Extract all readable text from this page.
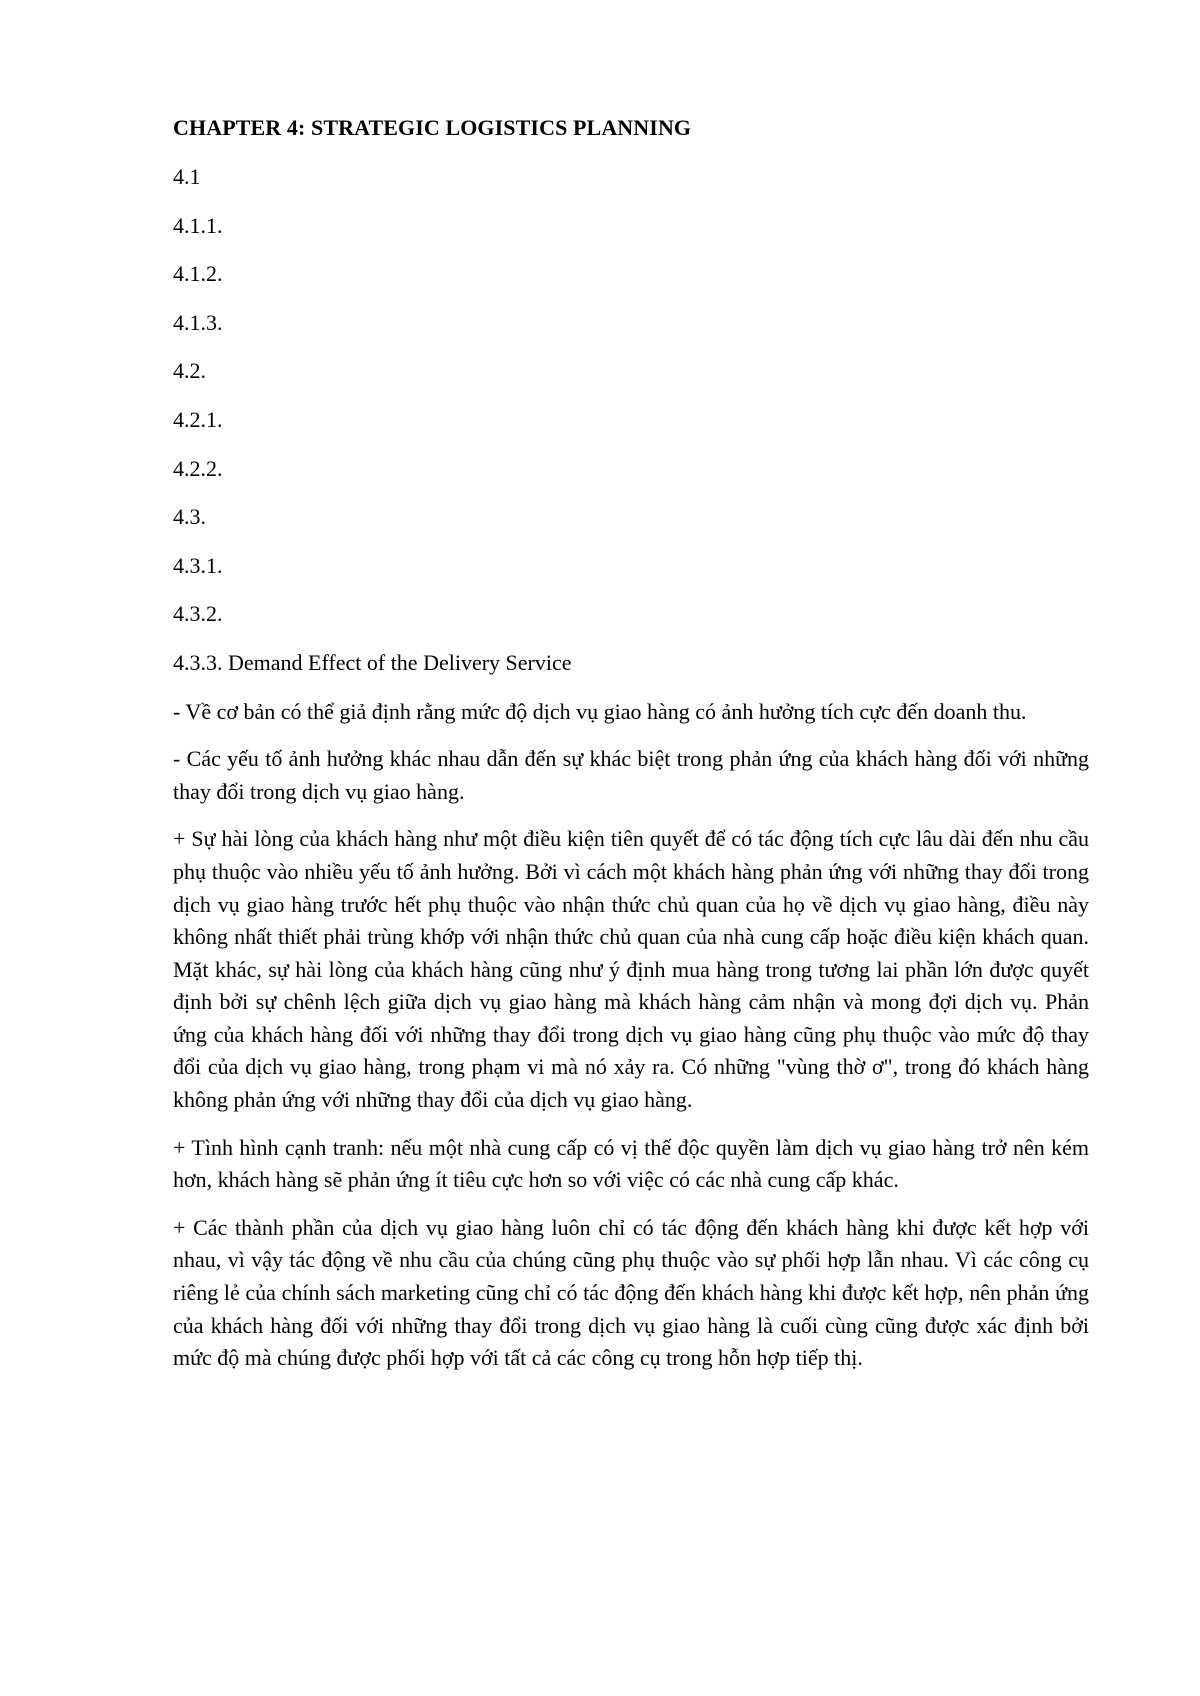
CHAPTER 4: STRATEGIC LOGISTICS PLANNING
4.1
4.1.1.
4.1.2.
4.1.3.
4.2.
4.2.1.
4.2.2.
4.3.
4.3.1.
4.3.2.
4.3.3. Demand Effect of the Delivery Service

- Về cơ bản có thể giả định rằng mức độ dịch vụ giao hàng có ảnh hưởng tích cực đến doanh thu.

- Các yếu tố ảnh hưởng khác nhau dẫn đến sự khác biệt trong phản ứng của khách hàng đối với những thay đổi trong dịch vụ giao hàng.

+ Sự hài lòng của khách hàng như một điều kiện tiên quyết để có tác động tích cực lâu dài đến nhu cầu phụ thuộc vào nhiều yếu tố ảnh hưởng. Bởi vì cách một khách hàng phản ứng với những thay đổi trong dịch vụ giao hàng trước hết phụ thuộc vào nhận thức chủ quan của họ về dịch vụ giao hàng, điều này không nhất thiết phải trùng khớp với nhận thức chủ quan của nhà cung cấp hoặc điều kiện khách quan. Mặt khác, sự hài lòng của khách hàng cũng như ý định mua hàng trong tương lai phần lớn được quyết định bởi sự chênh lệch giữa dịch vụ giao hàng mà khách hàng cảm nhận và mong đợi dịch vụ. Phản ứng của khách hàng đối với những thay đổi trong dịch vụ giao hàng cũng phụ thuộc vào mức độ thay đổi của dịch vụ giao hàng, trong phạm vi mà nó xảy ra. Có những "vùng thờ ơ", trong đó khách hàng không phản ứng với những thay đổi của dịch vụ giao hàng.

+ Tình hình cạnh tranh: nếu một nhà cung cấp có vị thế độc quyền làm dịch vụ giao hàng trở nên kém hơn, khách hàng sẽ phản ứng ít tiêu cực hơn so với việc có các nhà cung cấp khác.

+ Các thành phần của dịch vụ giao hàng luôn chỉ có tác động đến khách hàng khi được kết hợp với nhau, vì vậy tác động về nhu cầu của chúng cũng phụ thuộc vào sự phối hợp lẫn nhau. Vì các công cụ riêng lẻ của chính sách marketing cũng chỉ có tác động đến khách hàng khi được kết hợp, nên phản ứng của khách hàng đối với những thay đổi trong dịch vụ giao hàng là cuối cùng cũng được xác định bởi mức độ mà chúng được phối hợp với tất cả các công cụ trong hỗn hợp tiếp thị.
